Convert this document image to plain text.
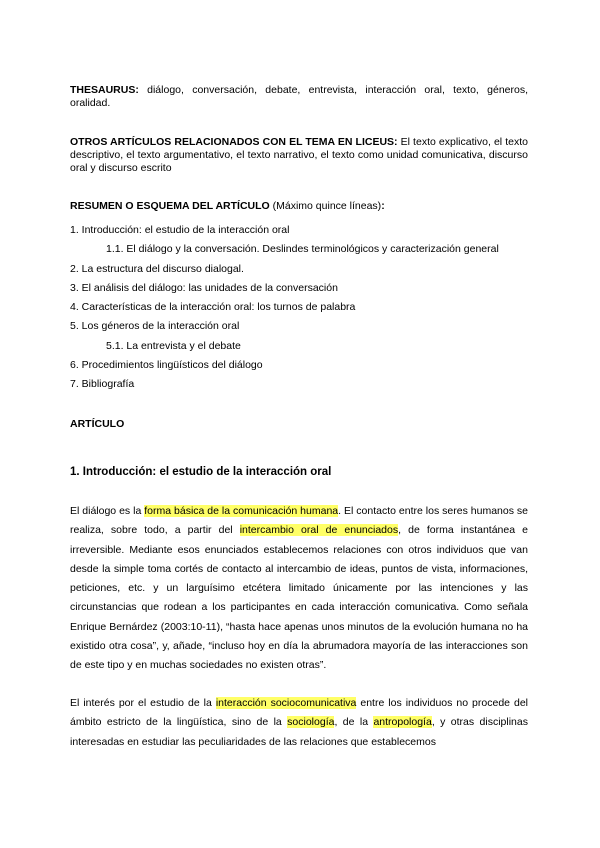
THESAURUS: diálogo, conversación, debate, entrevista, interacción oral, texto, géneros, oralidad.
OTROS ARTÍCULOS RELACIONADOS CON EL TEMA EN LICEUS: El texto explicativo, el texto descriptivo, el texto argumentativo, el texto narrativo, el texto como unidad comunicativa, discurso oral y discurso escrito
RESUMEN O ESQUEMA DEL ARTÍCULO (Máximo quince líneas):
1. Introducción: el estudio de la interacción oral
1.1. El diálogo y la conversación. Deslindes terminológicos y caracterización general
2. La estructura del discurso dialogal.
3. El análisis del diálogo: las unidades de la conversación
4. Características de la interacción oral: los turnos de palabra
5. Los géneros de la interacción oral
5.1. La entrevista y el debate
6. Procedimientos lingüísticos del diálogo
7. Bibliografía
ARTÍCULO
1. Introducción: el estudio de la interacción oral
El diálogo es la forma básica de la comunicación humana. El contacto entre los seres humanos se realiza, sobre todo, a partir del intercambio oral de enunciados, de forma instantánea e irreversible. Mediante esos enunciados establecemos relaciones con otros individuos que van desde la simple toma cortés de contacto al intercambio de ideas, puntos de vista, informaciones, peticiones, etc. y un larguísimo etcétera limitado únicamente por las intenciones y las circunstancias que rodean a los participantes en cada interacción comunicativa. Como señala Enrique Bernárdez (2003:10-11), “hasta hace apenas unos minutos de la evolución humana no ha existido otra cosa”, y, añade, “incluso hoy en día la abrumadora mayoría de las interacciones son de este tipo y en muchas sociedades no existen otras”.
El interés por el estudio de la interacción sociocomunicativa entre los individuos no procede del ámbito estricto de la lingüística, sino de la sociología, de la antropología, y otras disciplinas interesadas en estudiar las peculiaridades de las relaciones que establecemos
